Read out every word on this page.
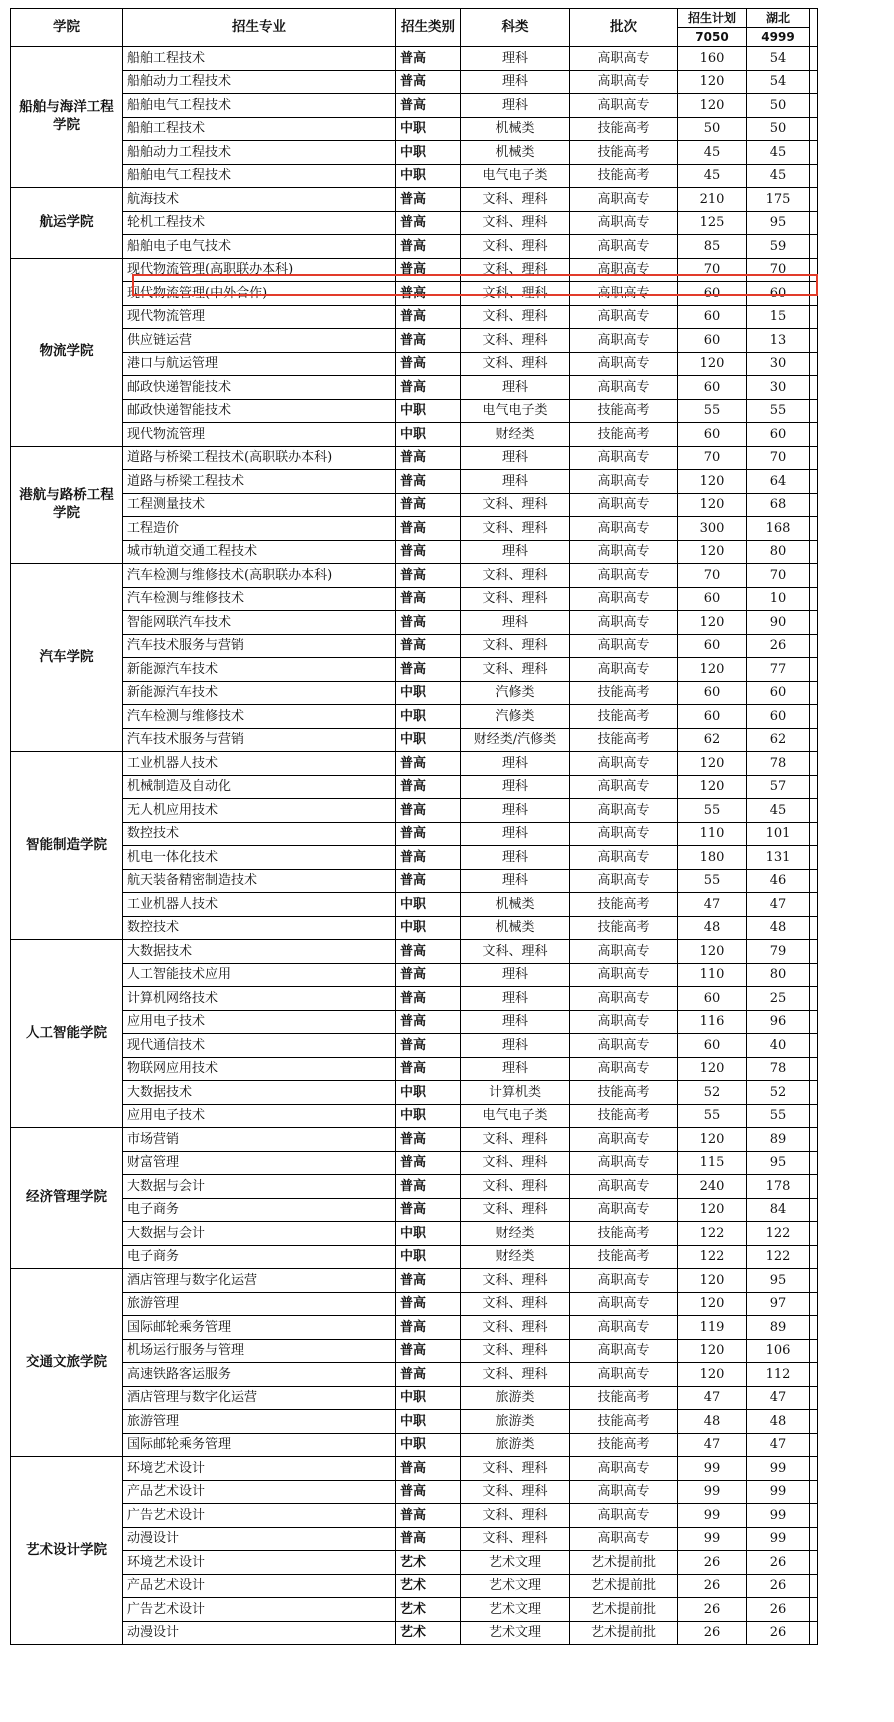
学院	招生专业	招生类别	科类	批次	招生计划	湖北	
					7050	4999	
船舶与海洋工程学院	船舶工程技术	普高	理科	高职高专	160	54	
	船舶动力工程技术	普高	理科	高职高专	120	54	
	船舶电气工程技术	普高	理科	高职高专	120	50	
	船舶工程技术	中职	机械类	技能高考	50	50	
	船舶动力工程技术	中职	机械类	技能高考	45	45	
	船舶电气工程技术	中职	电气电子类	技能高考	45	45	
航运学院	航海技术	普高	文科、理科	高职高专	210	175	
	轮机工程技术	普高	文科、理科	高职高专	125	95	
	船舶电子电气技术	普高	文科、理科	高职高专	85	59	
物流学院	现代物流管理(高职联办本科)	普高	文科、理科	高职高专	70	70	
	现代物流管理(中外合作)	普高	文科、理科	高职高专	60	60	
	现代物流管理	普高	文科、理科	高职高专	60	15	
	供应链运营	普高	文科、理科	高职高专	60	13	
	港口与航运管理	普高	文科、理科	高职高专	120	30	
	邮政快递智能技术	普高	理科	高职高专	60	30	
	邮政快递智能技术	中职	电气电子类	技能高考	55	55	
	现代物流管理	中职	财经类	技能高考	60	60	
港航与路桥工程学院	道路与桥梁工程技术(高职联办本科)	普高	理科	高职高专	70	70	
	道路与桥梁工程技术	普高	理科	高职高专	120	64	
	工程测量技术	普高	文科、理科	高职高专	120	68	
	工程造价	普高	文科、理科	高职高专	300	168	
	城市轨道交通工程技术	普高	理科	高职高专	120	80	
汽车学院	汽车检测与维修技术(高职联办本科)	普高	文科、理科	高职高专	70	70	
	汽车检测与维修技术	普高	文科、理科	高职高专	60	10	
	智能网联汽车技术	普高	理科	高职高专	120	90	
	汽车技术服务与营销	普高	文科、理科	高职高专	60	26	
	新能源汽车技术	普高	文科、理科	高职高专	120	77	
	新能源汽车技术	中职	汽修类	技能高考	60	60	
	汽车检测与维修技术	中职	汽修类	技能高考	60	60	
	汽车技术服务与营销	中职	财经类/汽修类	技能高考	62	62	
智能制造学院	工业机器人技术	普高	理科	高职高专	120	78	
	机械制造及自动化	普高	理科	高职高专	120	57	
	无人机应用技术	普高	理科	高职高专	55	45	
	数控技术	普高	理科	高职高专	110	101	
	机电一体化技术	普高	理科	高职高专	180	131	
	航天装备精密制造技术	普高	理科	高职高专	55	46	
	工业机器人技术	中职	机械类	技能高考	47	47	
	数控技术	中职	机械类	技能高考	48	48	
人工智能学院	大数据技术	普高	文科、理科	高职高专	120	79	
	人工智能技术应用	普高	理科	高职高专	110	80	
	计算机网络技术	普高	理科	高职高专	60	25	
	应用电子技术	普高	理科	高职高专	116	96	
	现代通信技术	普高	理科	高职高专	60	40	
	物联网应用技术	普高	理科	高职高专	120	78	
	大数据技术	中职	计算机类	技能高考	52	52	
	应用电子技术	中职	电气电子类	技能高考	55	55	
经济管理学院	市场营销	普高	文科、理科	高职高专	120	89	
	财富管理	普高	文科、理科	高职高专	115	95	
	大数据与会计	普高	文科、理科	高职高专	240	178	
	电子商务	普高	文科、理科	高职高专	120	84	
	大数据与会计	中职	财经类	技能高考	122	122	
	电子商务	中职	财经类	技能高考	122	122	
交通文旅学院	酒店管理与数字化运营	普高	文科、理科	高职高专	120	95	
	旅游管理	普高	文科、理科	高职高专	120	97	
	国际邮轮乘务管理	普高	文科、理科	高职高专	119	89	
	机场运行服务与管理	普高	文科、理科	高职高专	120	106	
	高速铁路客运服务	普高	文科、理科	高职高专	120	112	
	酒店管理与数字化运营	中职	旅游类	技能高考	47	47	
	旅游管理	中职	旅游类	技能高考	48	48	
	国际邮轮乘务管理	中职	旅游类	技能高考	47	47	
艺术设计学院	环境艺术设计	普高	文科、理科	高职高专	99	99	
	产品艺术设计	普高	文科、理科	高职高专	99	99	
	广告艺术设计	普高	文科、理科	高职高专	99	99	
	动漫设计	普高	文科、理科	高职高专	99	99	
	环境艺术设计	艺术	艺术文理	艺术提前批	26	26	
	产品艺术设计	艺术	艺术文理	艺术提前批	26	26	
	广告艺术设计	艺术	艺术文理	艺术提前批	26	26	
	动漫设计	艺术	艺术文理	艺术提前批	26	26	
